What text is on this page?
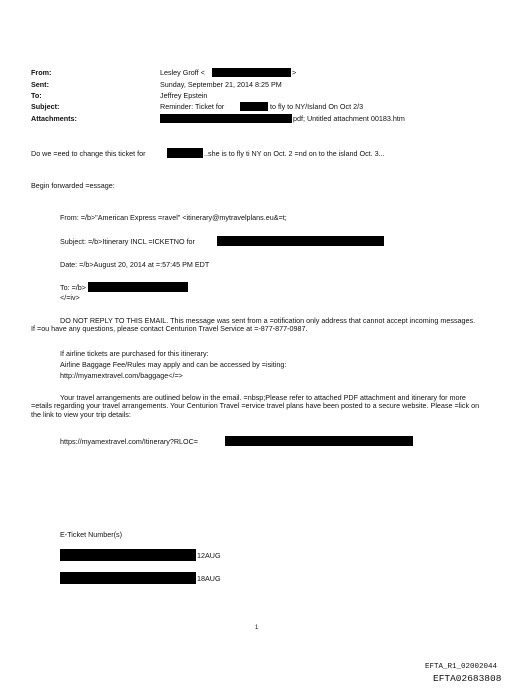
From:	Lesley Groff <	>
Sent:	Sunday, September 21, 2014 8:25 PM
To:	Jeffrey Epstein
Subject:	Reminder: Ticket for	to fly to NY/Island On Oct 2/3
Attachments:	pdf; Untitled attachment 00183.htm
Do we =eed to change this ticket for	..she is to fly ti NY on Oct. 2 =nd on to the island Oct. 3...
Begin forwarded =essage:
From: =/b>"American Express =ravel" <itinerary@mytravelplans.eu&=t;
Subject: =/b>Itinerary INCL =ICKETNO for
Date: =/b>August 20, 2014 at =:57:45 PM EDT
To: =/b>
</=iv>
DO NOT REPLY TO THIS EMAIL. This message was sent from a =otification only address that cannot accept incoming messages. If =ou have any questions, please contact Centurion Travel Service at =-877-877-0987.
If airline tickets are purchased for this itinerary:
Airline Baggage Fee/Rules may apply and can be accessed by =isiting:
http://myamextravel.com/baggage</=>
Your travel arrangements are outlined below in the email. =nbsp;Please refer to attached PDF attachment and itinerary for more =etails regarding your travel arrangements. Your Centurion Travel =ervice travel plans have been posted to a secure website. Please =lick on the link to view your trip details:
https://myamextravel.com/Itinerary?RLOC=
E-Ticket Number(s)
12AUG
18AUG
1
EFTA_R1_02002044
EFTA02683808
